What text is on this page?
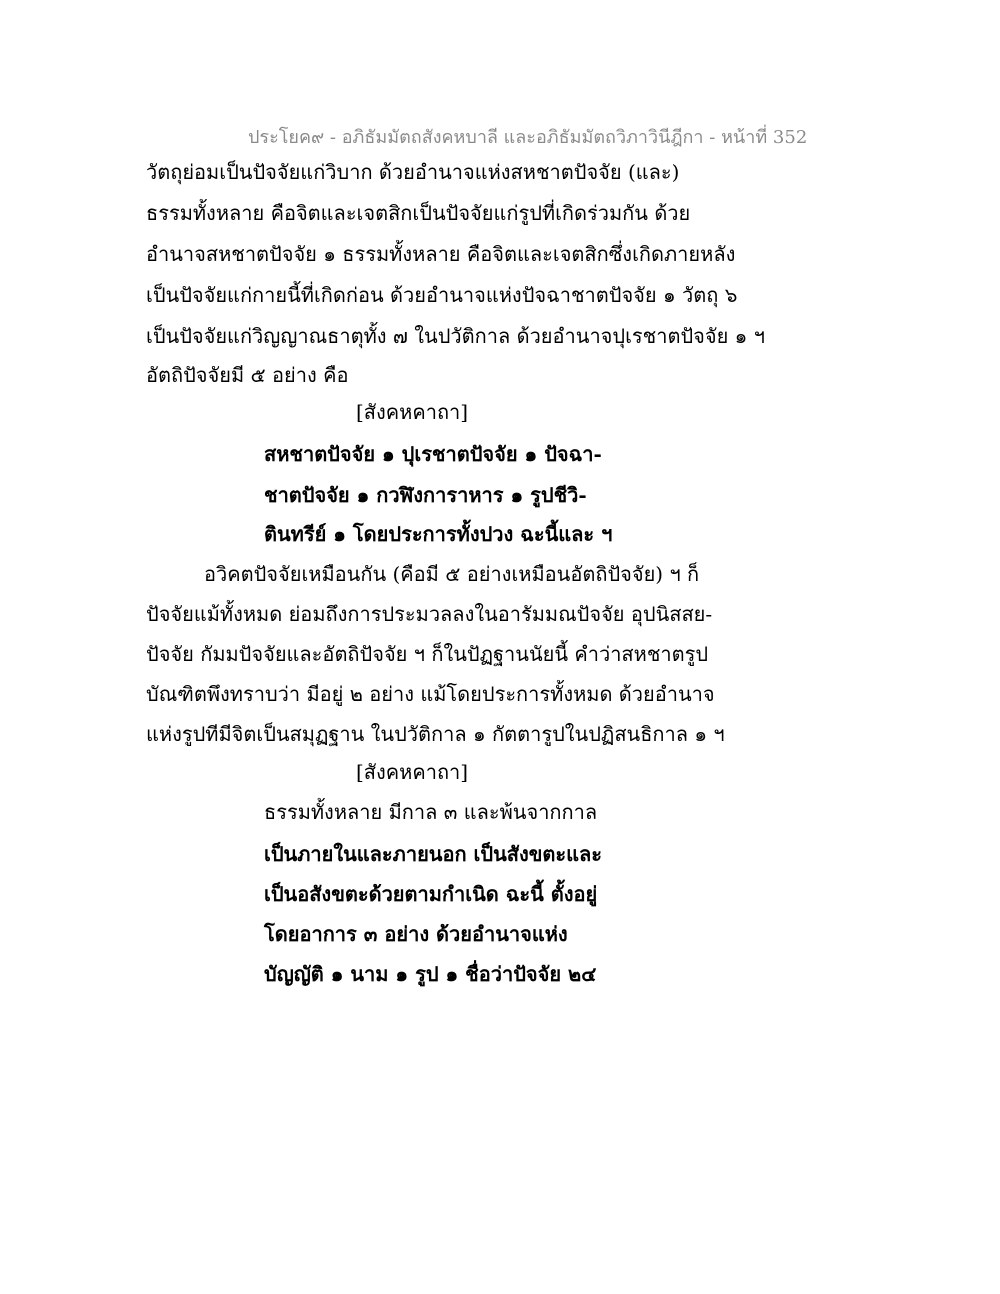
ประโยค๙ - อภิธัมมัตถสังคหบาลี และอภิธัมมัตถวิภาวินีฎีกา - หน้าที่ 352
วัตถุย่อมเป็นปัจจัยแก่วิบาก ด้วยอำนาจแห่งสหชาตปัจจัย (และ)
ธรรมทั้งหลาย คือจิตและเจตสิกเป็นปัจจัยแก่รูปที่เกิดร่วมกัน ด้วย
อำนาจสหชาตปัจจัย ๑ ธรรมทั้งหลาย คือจิตและเจตสิกซึ่งเกิดภายหลัง
เป็นปัจจัยแก่กายนี้ที่เกิดก่อน ด้วยอำนาจแห่งปัจฉาชาตปัจจัย ๑ วัตถุ ๖
เป็นปัจจัยแก่วิญญาณธาตุทั้ง ๗ ในปวัติกาล ด้วยอำนาจปุเรชาตปัจจัย ๑ ฯ
อัตถิปัจจัยมี ๕ อย่าง คือ
[สังคหคาถา]
สหชาตปัจจัย ๑ ปุเรชาตปัจจัย ๑ ปัจฉา-
ชาตปัจจัย ๑ กวฬิงการาหาร ๑ รูปชีวิ-
ตินทรีย์ ๑ โดยประการทั้งปวง ฉะนี้และ ฯ
อวิคตปัจจัยเหมือนกัน (คือมี ๕ อย่างเหมือนอัตถิปัจจัย) ฯ ก็
ปัจจัยแม้ทั้งหมด ย่อมถึงการประมวลลงในอารัมมณปัจจัย อุปนิสสย-
ปัจจัย กัมมปัจจัยและอัตถิปัจจัย ฯ ก็ในปัฏฐานนัยนี้ คำว่าสหชาตรูป
บัณฑิตพึงทราบว่า มีอยู่ ๒ อย่าง แม้โดยประการทั้งหมด ด้วยอำนาจ
แห่งรูปทีมีจิตเป็นสมุฏฐาน ในปวัติกาล ๑ กัตตารูปในปฏิสนธิกาล ๑ ฯ
[สังคหคาถา]
ธรรมทั้งหลาย มีกาล ๓ และพ้นจากกาล
เป็นภายในและภายนอก เป็นสังขตะและ
เป็นอสังขตะด้วยตามกำเนิด ฉะนี้ ตั้งอยู่
โดยอาการ ๓ อย่าง ด้วยอำนาจแห่ง
บัญญัติ ๑ นาม ๑ รูป ๑ ชื่อว่าปัจจัย ๒๔
